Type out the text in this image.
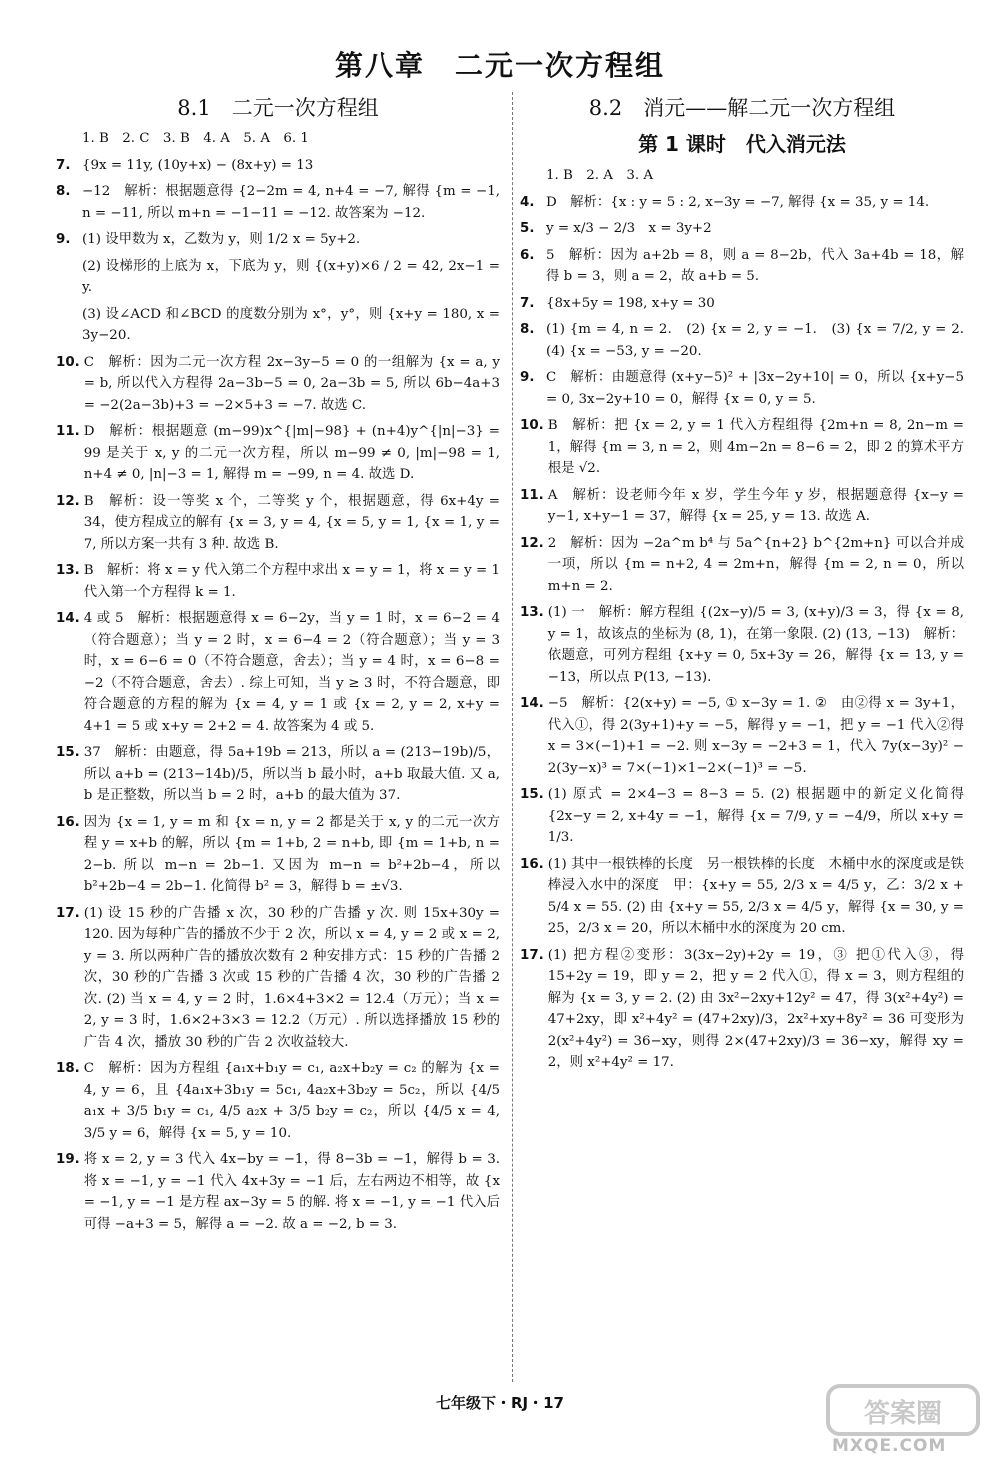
第八章　二元一次方程组
8.1　二元一次方程组
1. B　2. C　3. B　4. A　5. A　6. 1
7. {9x = 11y, (10y+x) − (8x+y) = 13
8. −12　解析：根据题意得 {2−2m = 4, n+4 = −7, 解得 {m = −1, n = −11, 所以 m+n = −1−11 = −12. 故答案为 −12.
9. (1) 设甲数为 x，乙数为 y，则 1/2 x = 5y+2.
(2) 设梯形的上底为 x，下底为 y，则 {(x+y)×6 / 2 = 42, 2x−1 = y.
(3) 设∠ACD 和∠BCD 的度数分别为 x°，y°，则 {x+y = 180, x = 3y−20.
10. C　解析：因为二元一次方程 2x−3y−5 = 0 的一组解为 {x = a, y = b, 所以代入方程得 2a−3b−5 = 0, 2a−3b = 5, 所以 6b−4a+3 = −2(2a−3b)+3 = −2×5+3 = −7. 故选 C.
11. D　解析：根据题意 (m−99)x^{|m|−98} + (n+4)y^{|n|−3} = 99 是关于 x, y 的二元一次方程，所以 m−99 ≠ 0, |m|−98 = 1, n+4 ≠ 0, |n|−3 = 1, 解得 m = −99, n = 4. 故选 D.
12. B　解析：设一等奖 x 个，二等奖 y 个，根据题意，得 6x+4y = 34，使方程成立的解有 {x = 3, y = 4, {x = 5, y = 1, {x = 1, y = 7, 所以方案一共有 3 种. 故选 B.
13. B　解析：将 x = y 代入第二个方程中求出 x = y = 1，将 x = y = 1 代入第一个方程得 k = 1.
14. 4 或 5　解析：根据题意得 x = 6−2y，当 y = 1 时，x = 6−2 = 4（符合题意）；当 y = 2 时，x = 6−4 = 2（符合题意）；当 y = 3 时，x = 6−6 = 0（不符合题意，舍去）；当 y = 4 时，x = 6−8 = −2（不符合题意，舍去）. 综上可知，当 y ≥ 3 时，不符合题意，即符合题意的方程的解为 {x = 4, y = 1 或 {x = 2, y = 2, x+y = 4+1 = 5 或 x+y = 2+2 = 4. 故答案为 4 或 5.
15. 37　解析：由题意，得 5a+19b = 213，所以 a = (213−19b)/5，所以 a+b = (213−14b)/5，所以当 b 最小时，a+b 取最大值. 又 a, b 是正整数，所以当 b = 2 时，a+b 的最大值为 37.
16. 因为 {x = 1, y = m 和 {x = n, y = 2 都是关于 x, y 的二元一次方程 y = x+b 的解，所以 {m = 1+b, 2 = n+b, 即 {m = 1+b, n = 2−b. 所以 m−n = 2b−1. 又因为 m−n = b²+2b−4，所以 b²+2b−4 = 2b−1. 化简得 b² = 3，解得 b = ±√3.
17. (1) 设 15 秒的广告播 x 次，30 秒的广告播 y 次. 则 15x+30y = 120. 因为每种广告的播放不少于 2 次，所以 x = 4, y = 2 或 x = 2, y = 3. 所以两种广告的播放次数有 2 种安排方式：15 秒的广告播 2 次，30 秒的广告播 3 次或 15 秒的广告播 4 次，30 秒的广告播 2 次. (2) 当 x = 4, y = 2 时，1.6×4+3×2 = 12.4（万元）；当 x = 2, y = 3 时，1.6×2+3×3 = 12.2（万元）. 所以选择播放 15 秒的广告 4 次，播放 30 秒的广告 2 次收益较大.
18. C　解析：因为方程组 {a₁x+b₁y = c₁, a₂x+b₂y = c₂ 的解为 {x = 4, y = 6，且 {4a₁x+3b₁y = 5c₁, 4a₂x+3b₂y = 5c₂，所以 {4/5 a₁x + 3/5 b₁y = c₁, 4/5 a₂x + 3/5 b₂y = c₂，所以 {4/5 x = 4, 3/5 y = 6，解得 {x = 5, y = 10.
19. 将 x = 2, y = 3 代入 4x−by = −1，得 8−3b = −1，解得 b = 3. 将 x = −1, y = −1 代入 4x+3y = −1 后，左右两边不相等，故 {x = −1, y = −1 是方程 ax−3y = 5 的解. 将 x = −1, y = −1 代入后可得 −a+3 = 5，解得 a = −2. 故 a = −2, b = 3.
8.2　消元——解二元一次方程组
第 1 课时　代入消元法
1. B　2. A　3. A
4. D　解析：{x : y = 5 : 2, x−3y = −7, 解得 {x = 35, y = 14.
5. y = x/3 − 2/3　x = 3y+2
6. 5　解析：因为 a+2b = 8，则 a = 8−2b，代入 3a+4b = 18，解得 b = 3，则 a = 2，故 a+b = 5.
7. {8x+5y = 198, x+y = 30
8. (1) {m = 4, n = 2.　(2) {x = 2, y = −1.　(3) {x = 7/2, y = 2.　(4) {x = −53, y = −20.
9. C　解析：由题意得 (x+y−5)² + |3x−2y+10| = 0，所以 {x+y−5 = 0, 3x−2y+10 = 0，解得 {x = 0, y = 5.
10. B　解析：把 {x = 2, y = 1 代入方程组得 {2m+n = 8, 2n−m = 1，解得 {m = 3, n = 2，则 4m−2n = 8−6 = 2，即 2 的算术平方根是 √2.
11. A　解析：设老师今年 x 岁，学生今年 y 岁，根据题意得 {x−y = y−1, x+y−1 = 37，解得 {x = 25, y = 13. 故选 A.
12. 2　解析：因为 −2a^m b⁴ 与 5a^{n+2} b^{2m+n} 可以合并成一项，所以 {m = n+2, 4 = 2m+n，解得 {m = 2, n = 0，所以 m+n = 2.
13. (1) 一　解析：解方程组 {(2x−y)/5 = 3, (x+y)/3 = 3，得 {x = 8, y = 1，故该点的坐标为 (8, 1)，在第一象限. (2) (13, −13)　解析：依题意，可列方程组 {x+y = 0, 5x+3y = 26，解得 {x = 13, y = −13，所以点 P(13, −13).
14. −5　解析：{2(x+y) = −5, ① x−3y = 1. ②　由②得 x = 3y+1，代入①，得 2(3y+1)+y = −5，解得 y = −1，把 y = −1 代入②得 x = 3×(−1)+1 = −2. 则 x−3y = −2+3 = 1，代入 7y(x−3y)² − 2(3y−x)³ = 7×(−1)×1−2×(−1)³ = −5.
15. (1) 原式 = 2×4−3 = 8−3 = 5. (2) 根据题中的新定义化简得 {2x−y = 2, x+4y = −1，解得 {x = 7/9, y = −4/9，所以 x+y = 1/3.
16. (1) 其中一根铁棒的长度　另一根铁棒的长度　木桶中水的深度或是铁棒浸入水中的深度　甲：{x+y = 55, 2/3 x = 4/5 y，乙：3/2 x + 5/4 x = 55. (2) 由 {x+y = 55, 2/3 x = 4/5 y，解得 {x = 30, y = 25，2/3 x = 20，所以木桶中水的深度为 20 cm.
17. (1) 把方程②变形：3(3x−2y)+2y = 19，③ 把①代入③，得 15+2y = 19，即 y = 2，把 y = 2 代入①，得 x = 3，则方程组的解为 {x = 3, y = 2. (2) 由 3x²−2xy+12y² = 47，得 3(x²+4y²) = 47+2xy，即 x²+4y² = (47+2xy)/3，2x²+xy+8y² = 36 可变形为 2(x²+4y²) = 36−xy，则得 2×(47+2xy)/3 = 36−xy，解得 xy = 2，则 x²+4y² = 17.
七年级下・RJ・17	答案圈
MXQE.COM
